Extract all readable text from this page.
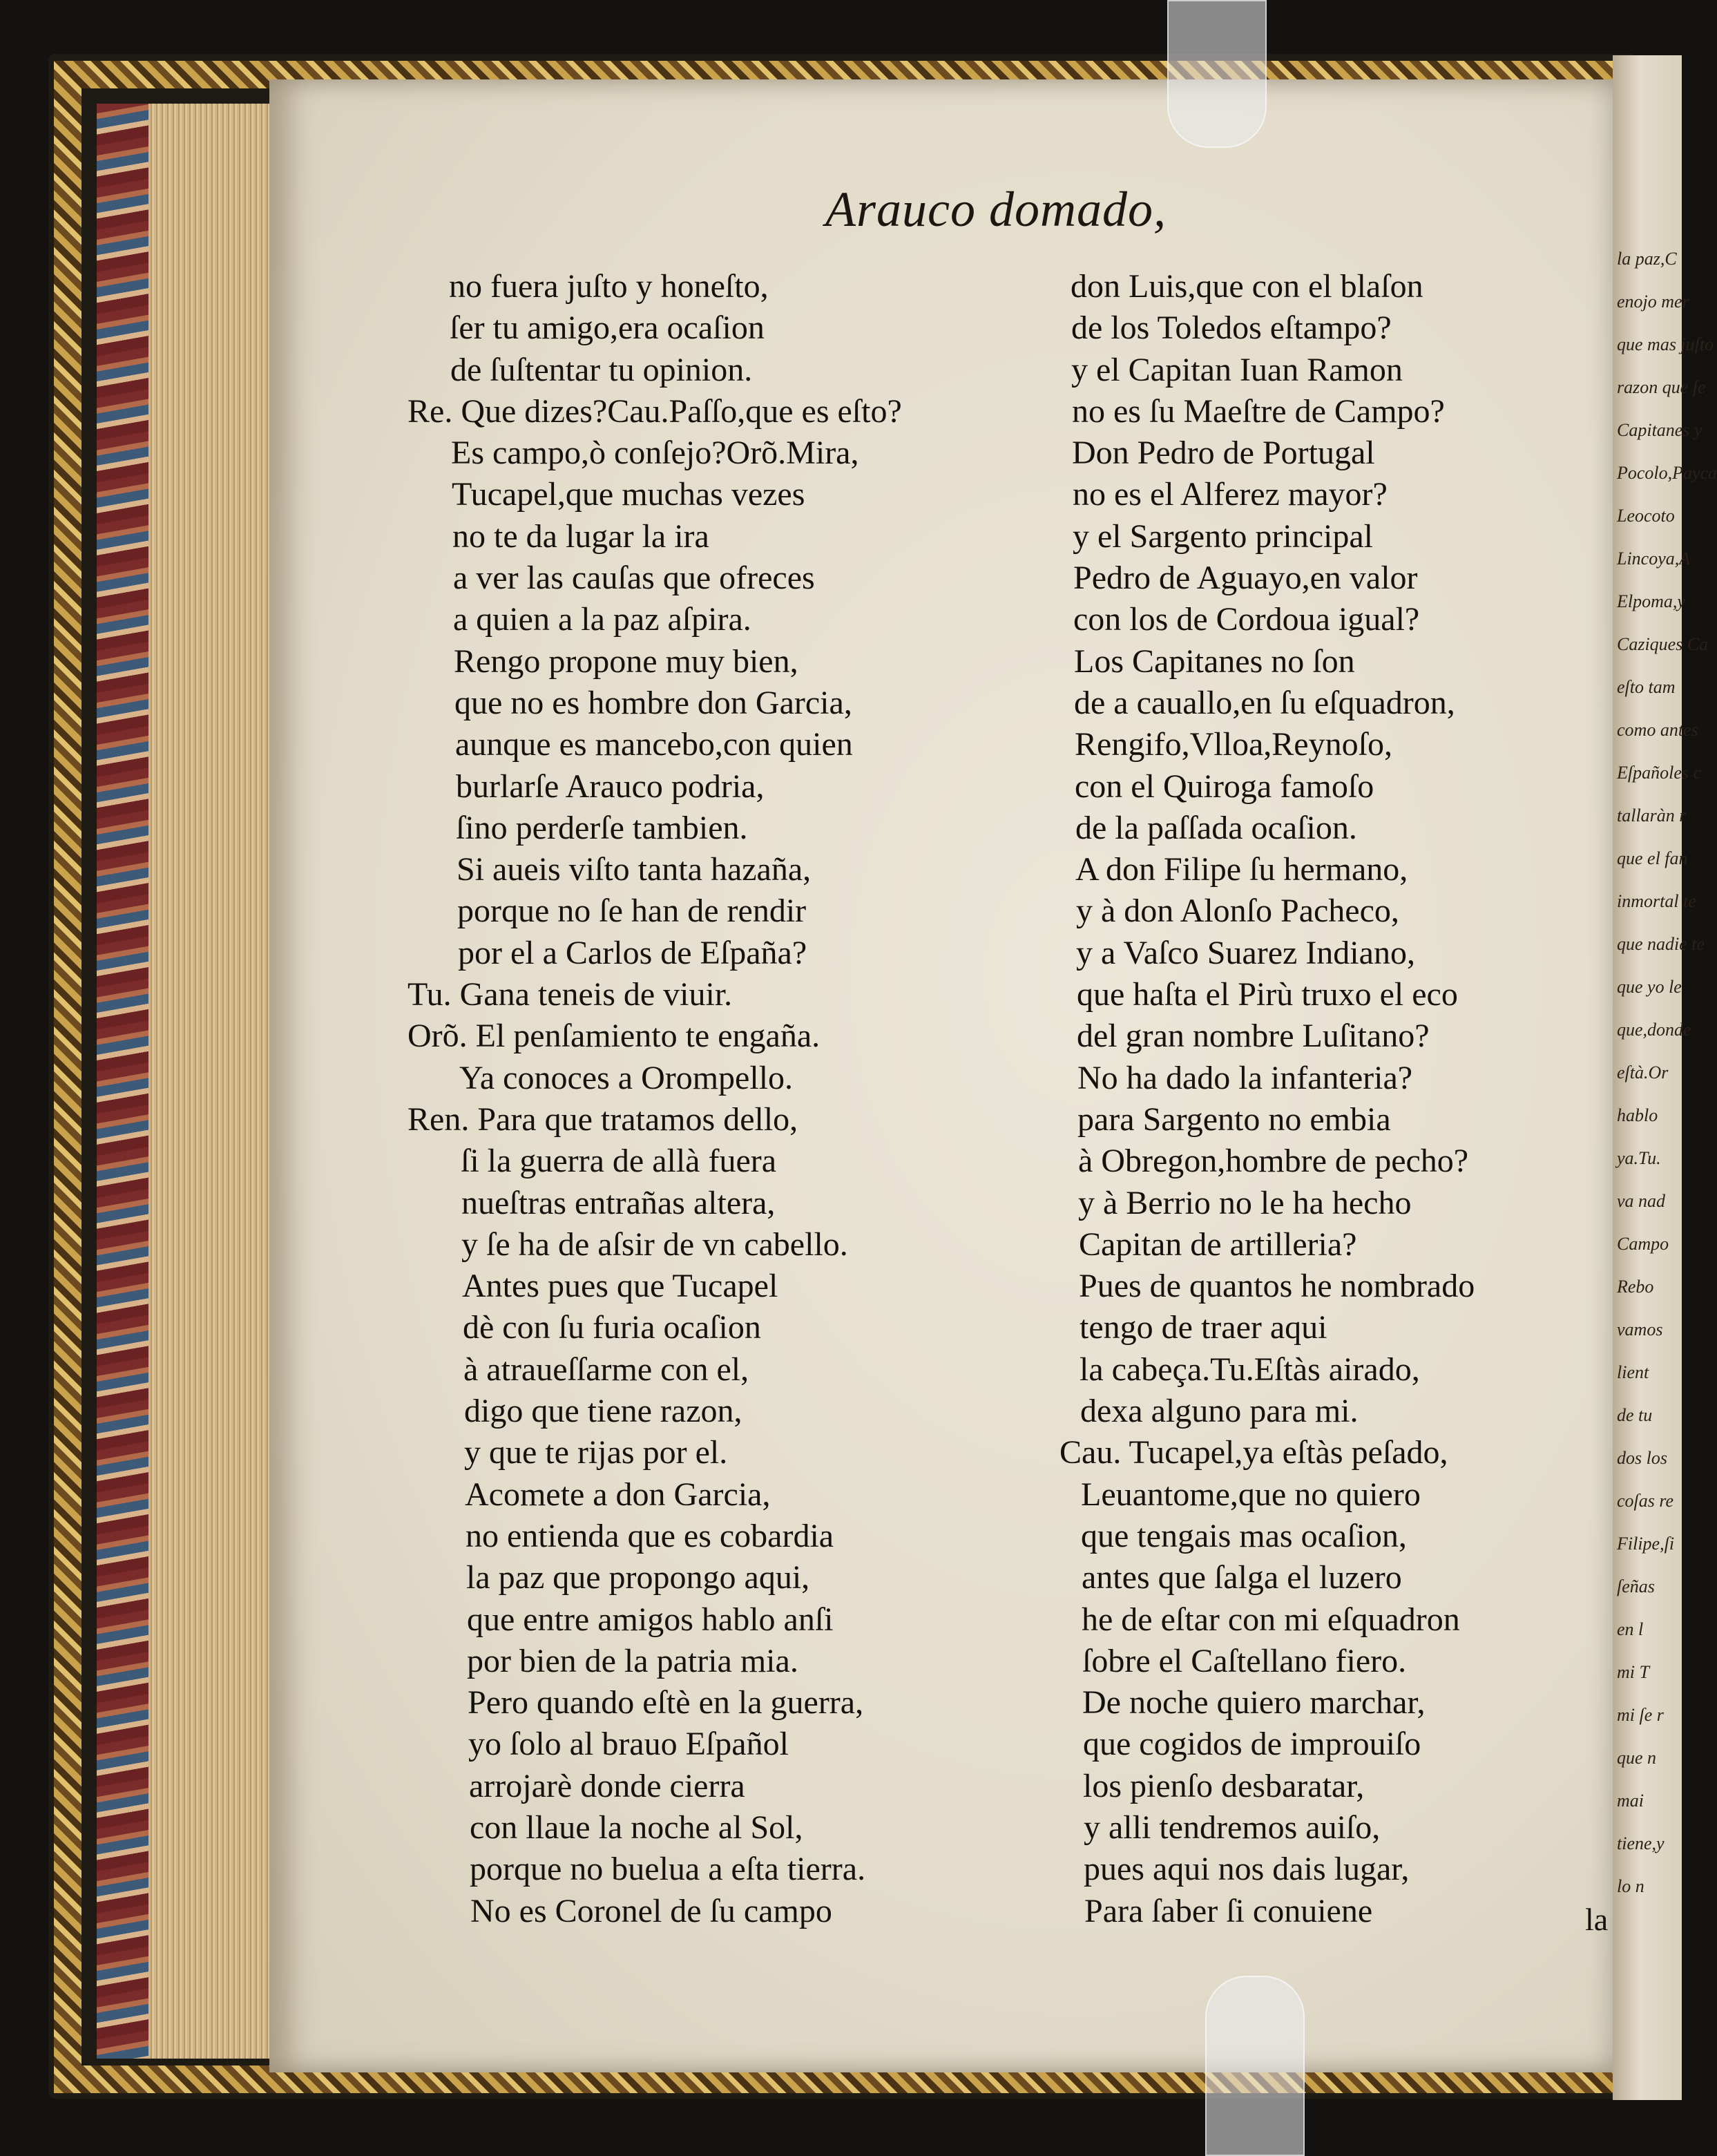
la paz,C
enojo mer
que mas juſto
razon que ſe
Capitanes y
Pocolo,Payca
Leocoto
Lincoya,A
Elpoma,y
Caziques Ca
eſto tam
como antes
Eſpañoles c
tallaràn r
que el fan
inmortal te
que nadie te
que yo le
que,donde
eſtà.Or
hablo
ya.Tu.
va nad
Campo
Rebo
vamos
lient
de tu
dos los
coſas re
Filipe,ſi
ſeñas
en l
mi T
mi ſe r
que n
mai
tiene,y
lo n
Arauco domado,

no fuera juſto y honeſto,

ſer tu amigo,era ocaſion

de ſuſtentar tu opinion.

Re. Que dizes?Cau.Paſſo,que es eſto?

Es campo,ò conſejo?Orõ.Mira,

Tucapel,que muchas vezes

no te da lugar la ira

a ver las cauſas que ofreces

a quien a la paz aſpira.

Rengo propone muy bien,

que no es hombre don Garcia,

aunque es mancebo,con quien

burlarſe Arauco podria,

ſino perderſe tambien.

Si aueis viſto tanta hazaña,

porque no ſe han de rendir

por el a Carlos de Eſpaña?

Tu. Gana teneis de viuir.

Orõ. El penſamiento te engaña.

Ya conoces a Orompello.

Ren. Para que tratamos dello,

ſi la guerra de allà fuera

nueſtras entrañas altera,

y ſe ha de aſsir de vn cabello.

Antes pues que Tucapel

dè con ſu furia ocaſion

à atraueſſarme con el,

digo que tiene razon,

y que te rijas por el.

Acomete a don Garcia,

no entienda que es cobardia

la paz que propongo aqui,

que entre amigos hablo anſi

por bien de la patria mia.

Pero quando eſtè en la guerra,

yo ſolo al brauo Eſpañol

arrojarè donde cierra

con llaue la noche al Sol,

porque no buelua a eſta tierra.

No es Coronel de ſu campo

don Luis,que con el blaſon

de los Toledos eſtampo?

y el Capitan Iuan Ramon

no es ſu Maeſtre de Campo?

Don Pedro de Portugal

no es el Alferez mayor?

y el Sargento principal

Pedro de Aguayo,en valor

con los de Cordoua igual?

Los Capitanes no ſon

de a cauallo,en ſu eſquadron,

Rengifo,Vlloa,Reynoſo,

con el Quiroga famoſo

de la paſſada ocaſion.

A don Filipe ſu hermano,

y à don Alonſo Pacheco,

y a Vaſco Suarez Indiano,

que haſta el Pirù truxo el eco

del gran nombre Luſitano?

No ha dado la infanteria?

para Sargento no embia

à Obregon,hombre de pecho?

y à Berrio no le ha hecho

Capitan de artilleria?

Pues de quantos he nombrado

tengo de traer aqui

la cabeça.Tu.Eſtàs airado,

dexa alguno para mi.

Cau. Tucapel,ya eſtàs peſado,

Leuantome,que no quiero

que tengais mas ocaſion,

antes que ſalga el luzero

he de eſtar con mi eſquadron

ſobre el Caſtellano fiero.

De noche quiero marchar,

que cogidos de improuiſo

los pienſo desbaratar,

y alli tendremos auiſo,

pues aqui nos dais lugar,

Para ſaber ſi conuiene	la
